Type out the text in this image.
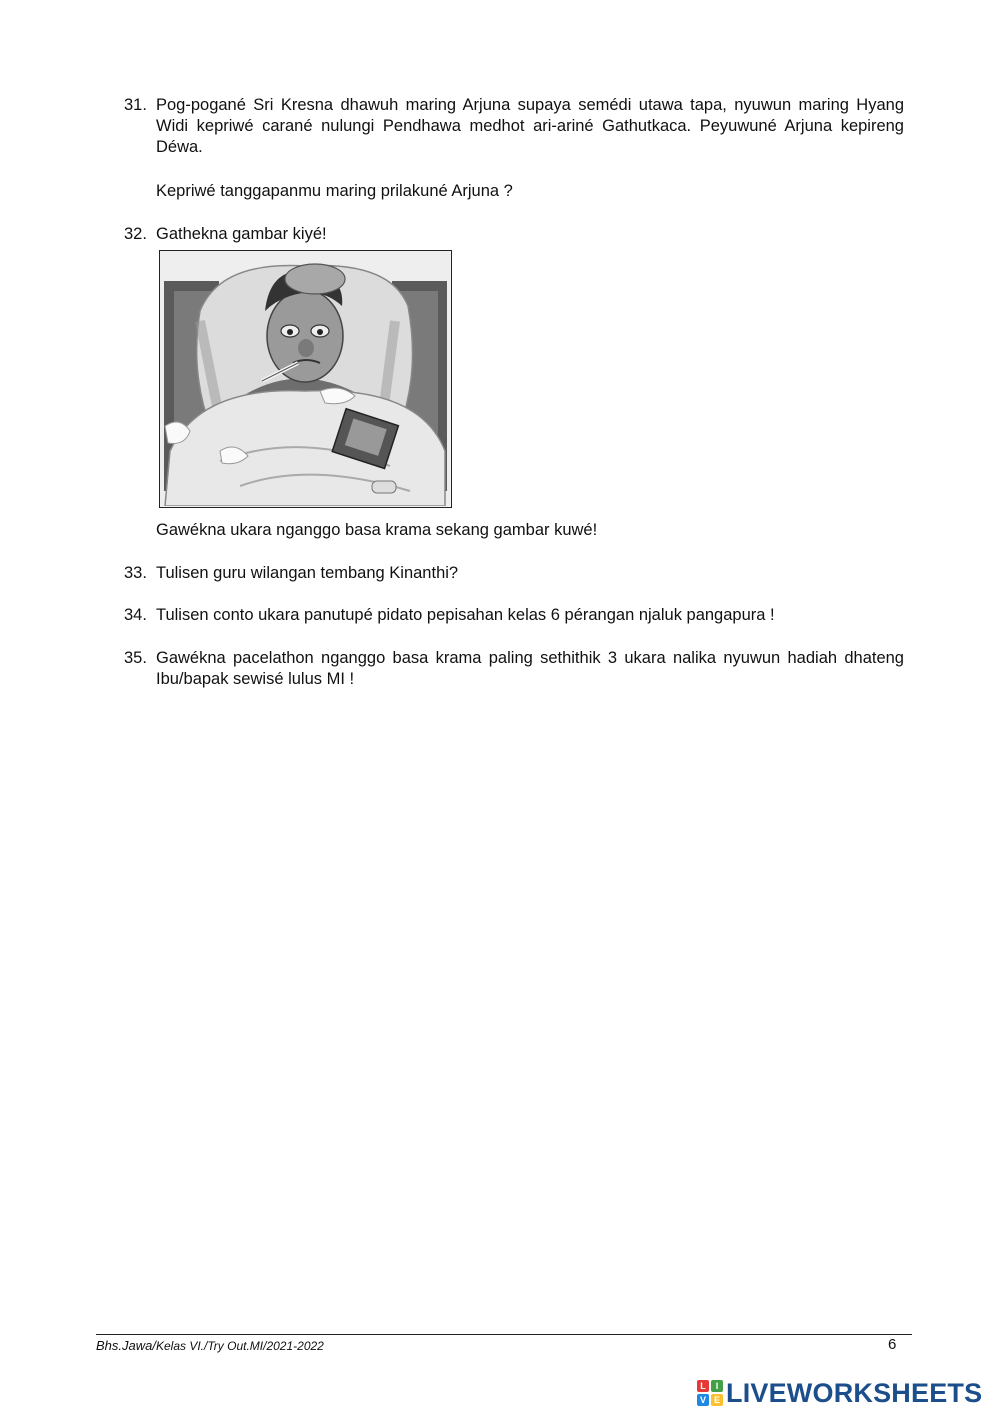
31. Pog-pogané Sri Kresna dhawuh maring Arjuna supaya semédi utawa tapa, nyuwun maring Hyang Widi kepriwé carané nulungi Pendhawa medhot ari-ariné Gathutkaca. Peyuwuné Arjuna kepireng Déwa.
Kepriwé tanggapanmu maring prilakuné Arjuna ?
32. Gathekna gambar kiyé!
Gawékna ukara nganggo basa krama sekang gambar kuwé!
33. Tulisen guru wilangan tembang Kinanthi?
34. Tulisen conto ukara panutupé pidato pepisahan kelas 6 pérangan njaluk pangapura !
35. Gawékna pacelathon nganggo basa krama paling sethithik 3 ukara nalika nyuwun hadiah dhateng Ibu/bapak sewisé lulus MI !
Bhs.Jawa/Kelas VI./Try Out.MI/2021-2022	6
L	I
V E LIVEWORKSHEETS
